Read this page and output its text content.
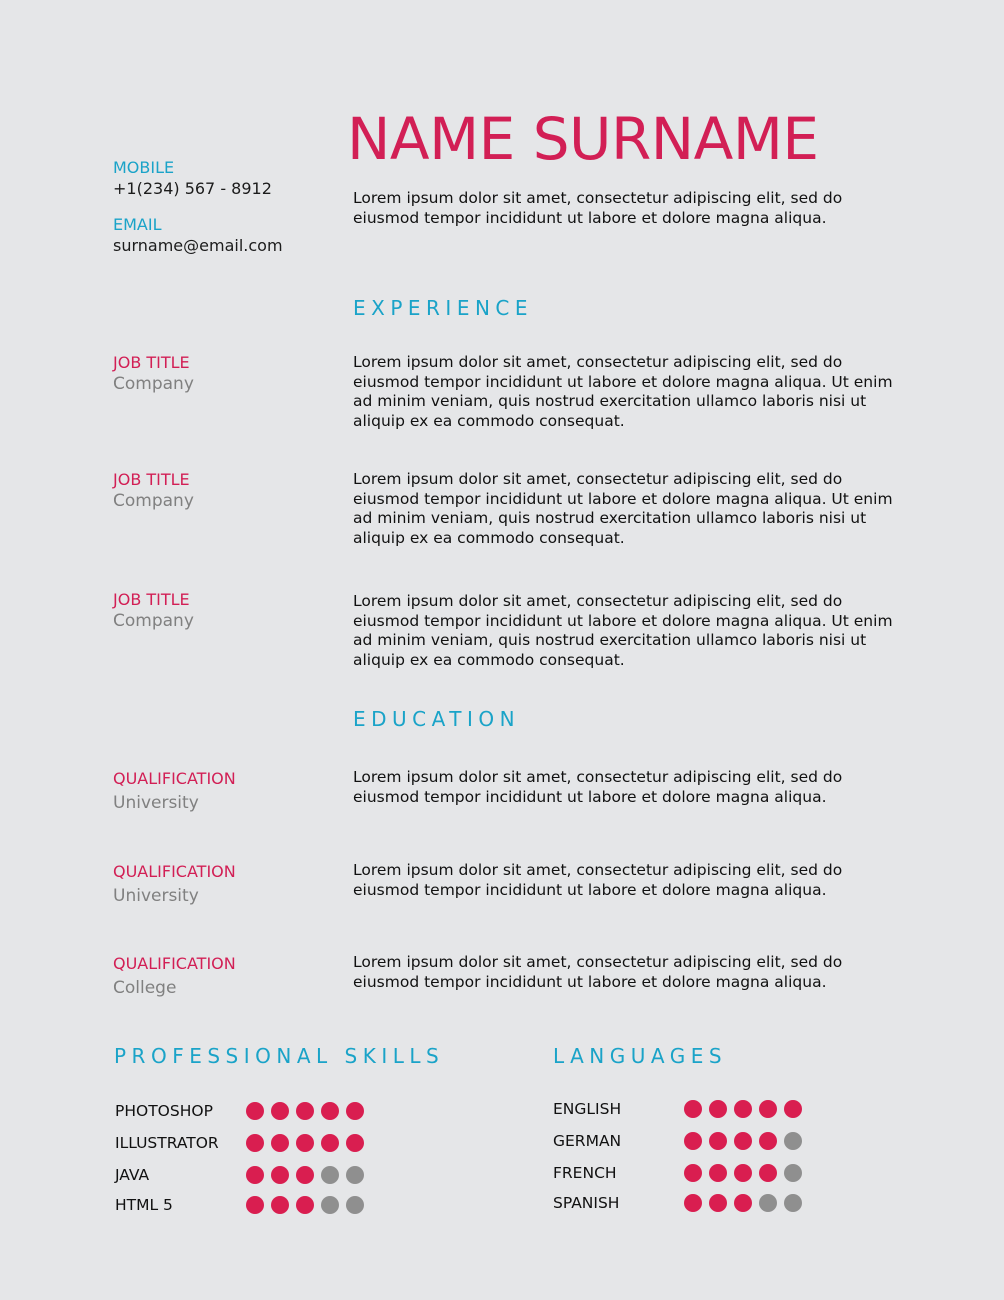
NAME SURNAME
Lorem ipsum dolor sit amet, consectetur adipiscing elit, sed do eiusmod tempor incididunt ut labore et dolore magna aliqua.
MOBILE
+1(234) 567 - 8912
EMAIL
surname@email.com
EXPERIENCE
JOB TITLE
Company
Lorem ipsum dolor sit amet, consectetur adipiscing elit, sed do eiusmod tempor incididunt ut labore et dolore magna aliqua. Ut enim ad minim veniam, quis nostrud exercitation ullamco laboris nisi ut aliquip ex ea commodo consequat.
JOB TITLE
Company
Lorem ipsum dolor sit amet, consectetur adipiscing elit, sed do eiusmod tempor incididunt ut labore et dolore magna aliqua. Ut enim ad minim veniam, quis nostrud exercitation ullamco laboris nisi ut aliquip ex ea commodo consequat.
JOB TITLE
Company
Lorem ipsum dolor sit amet, consectetur adipiscing elit, sed do eiusmod tempor incididunt ut labore et dolore magna aliqua. Ut enim ad minim veniam, quis nostrud exercitation ullamco laboris nisi ut aliquip ex ea commodo consequat.
EDUCATION
QUALIFICATION
University
Lorem ipsum dolor sit amet, consectetur adipiscing elit, sed do eiusmod tempor incididunt ut labore et dolore magna aliqua.
QUALIFICATION
University
Lorem ipsum dolor sit amet, consectetur adipiscing elit, sed do eiusmod tempor incididunt ut labore et dolore magna aliqua.
QUALIFICATION
College
Lorem ipsum dolor sit amet, consectetur adipiscing elit, sed do eiusmod tempor incididunt ut labore et dolore magna aliqua.
PROFESSIONAL SKILLS
PHOTOSHOP
ILLUSTRATOR
JAVA
HTML 5
LANGUAGES
ENGLISH
GERMAN
FRENCH
SPANISH
